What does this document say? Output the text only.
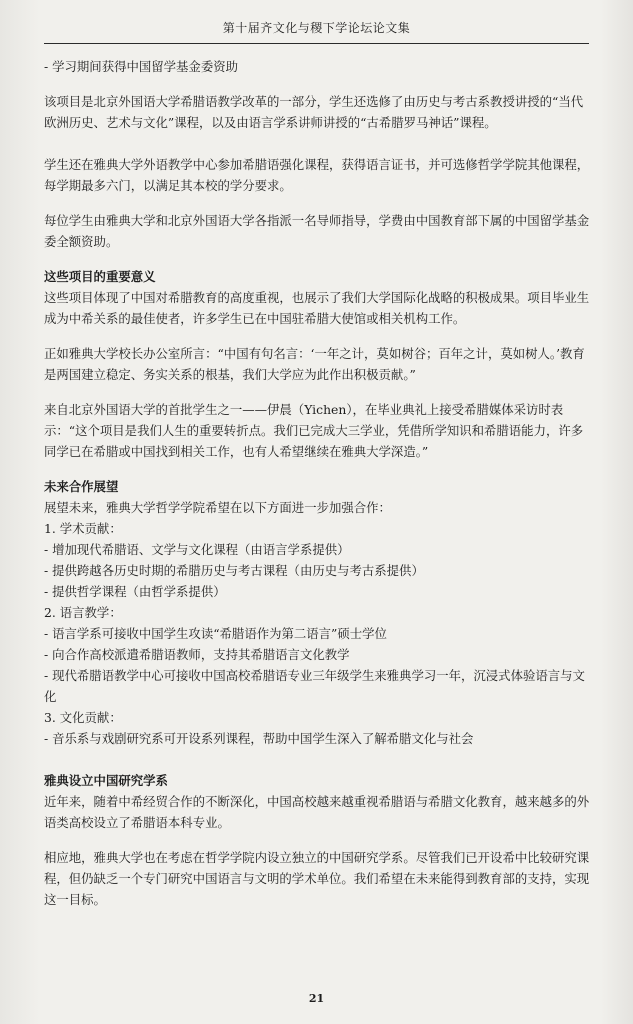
第十届齐文化与稷下学论坛论文集

- 学习期间获得中国留学基金委资助

该项目是北京外国语大学希腊语教学改革的一部分，学生还选修了由历史与考古系教授讲授的“当代欧洲历史、艺术与文化”课程，以及由语言学系讲师讲授的“古希腊罗马神话”课程。

学生还在雅典大学外语教学中心参加希腊语强化课程，获得语言证书，并可选修哲学学院其他课程，每学期最多六门，以满足其本校的学分要求。

每位学生由雅典大学和北京外国语大学各指派一名导师指导，学费由中国教育部下属的中国留学基金委全额资助。

这些项目的重要意义

这些项目体现了中国对希腊教育的高度重视，也展示了我们大学国际化战略的积极成果。项目毕业生成为中希关系的最佳使者，许多学生已在中国驻希腊大使馆或相关机构工作。

正如雅典大学校长办公室所言：“中国有句名言：‘一年之计，莫如树谷；百年之计，莫如树人。’教育是两国建立稳定、务实关系的根基，我们大学应为此作出积极贡献。”

来自北京外国语大学的首批学生之一——伊晨（Yichen），在毕业典礼上接受希腊媒体采访时表示：“这个项目是我们人生的重要转折点。我们已完成大三学业，凭借所学知识和希腊语能力，许多同学已在希腊或中国找到相关工作，也有人希望继续在雅典大学深造。”

未来合作展望

展望未来，雅典大学哲学学院希望在以下方面进一步加强合作：

1. 学术贡献：

- 增加现代希腊语、文学与文化课程（由语言学系提供）

- 提供跨越各历史时期的希腊历史与考古课程（由历史与考古系提供）

- 提供哲学课程（由哲学系提供）

2. 语言教学：

- 语言学系可接收中国学生攻读“希腊语作为第二语言”硕士学位

- 向合作高校派遣希腊语教师，支持其希腊语言文化教学

- 现代希腊语教学中心可接收中国高校希腊语专业三年级学生来雅典学习一年，沉浸式体验语言与文化

3. 文化贡献：

- 音乐系与戏剧研究系可开设系列课程，帮助中国学生深入了解希腊文化与社会

雅典设立中国研究学系

近年来，随着中希经贸合作的不断深化，中国高校越来越重视希腊语与希腊文化教育，越来越多的外语类高校设立了希腊语本科专业。

相应地，雅典大学也在考虑在哲学学院内设立独立的中国研究学系。尽管我们已开设希中比较研究课程，但仍缺乏一个专门研究中国语言与文明的学术单位。我们希望在未来能得到教育部的支持，实现这一目标。

21
